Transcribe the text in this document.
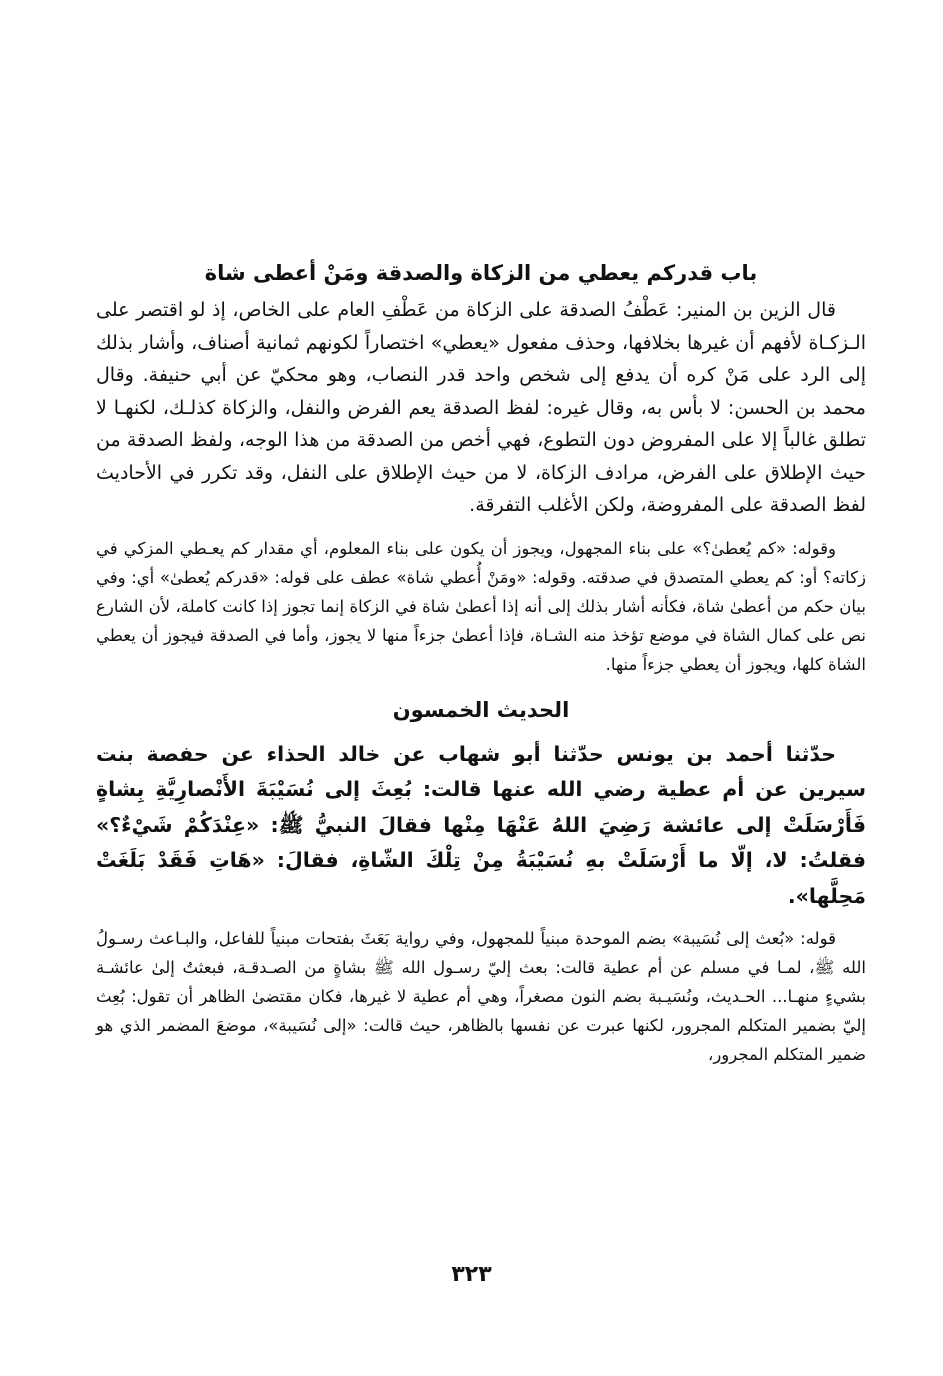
باب قدركم يعطي من الزكاة والصدقة ومَنْ أعطى شاة

قال الزين بن المنير: عَطْفُ الصدقة على الزكاة من عَطْفِ العام على الخاص، إذ لو اقتصر على الـزكـاة لأفهم أن غيرها بخلافها، وحذف مفعول «يعطي» اختصاراً لكونهم ثمانية أصناف، وأشار بذلك إلى الرد على مَنْ كره أن يدفع إلى شخص واحد قدر النصاب، وهو محكيّ عن أبي حنيفة. وقال محمد بن الحسن: لا بأس به، وقال غيره: لفظ الصدقة يعم الفرض والنفل، والزكاة كذلـك، لكنهـا لا تطلق غالباً إلا على المفروض دون التطوع، فهي أخص من الصدقة من هذا الوجه، ولفظ الصدقة من حيث الإطلاق على الفرض، مرادف الزكاة، لا من حيث الإطلاق على النفل، وقد تكرر في الأحاديث لفظ الصدقة على المفروضة، ولكن الأغلب التفرقة.

وقوله: «كم يُعطىٰ؟» على بناء المجهول، ويجوز أن يكون على بناء المعلوم، أي مقدار كم يعـطي المزكي في زكاته؟ أو: كم يعطي المتصدق في صدقته. وقوله: «ومَنْ أُعطي شاة» عطف على قوله: «قدركم يُعطىٰ» أي: وفي بيان حكم من أعطىٰ شاة، فكأنه أشار بذلك إلى أنه إذا أعطىٰ شاة في الزكاة إنما تجوز إذا كانت كاملة، لأن الشارع نص على كمال الشاة في موضع تؤخذ منه الشـاة، فإذا أعطىٰ جزءاً منها لا يجوز، وأما في الصدقة فيجوز أن يعطي الشاة كلها، ويجوز أن يعطي جزءاً منها.

الحديث الخمسون

حدّثنا أحمد بن يونس حدّثنا أبو شهاب عن خالد الحذاء عن حفصة بنت سيرين عن أم عطية رضي الله عنها قالت: بُعِثَ إلى نُسَيْبَةَ الأَنْصارِيَّةِ بِشاةٍ فَأَرْسَلَتْ إلى عائشة رَضِيَ اللهُ عَنْهَا مِنْها فقالَ النبيُّ ﷺ: «عِنْدَكُمْ شَيْءٌ؟» فقلتُ: لا، إلّا ما أَرْسَلَتْ بهِ نُسَيْبَةُ مِنْ تِلْكَ الشّاةِ، فقالَ: «هَاتِ فَقَدْ بَلَغَتْ مَحِلَّها».

قوله: «بُعث إلى نُسَيبة» بضم الموحدة مبنياً للمجهول، وفي رواية بَعَثَ بفتحات مبنياً للفاعل، والبـاعث رسـولُ الله ﷺ، لمـا في مسلم عن أم عطية قالت: بعث إليّ رسـول الله ﷺ بشاةٍ من الصـدقـة، فبعثتُ إلىٰ عائشـة بشيءٍ منهـا... الحـديث، ونُسَيـبة بضم النون مصغراً، وهي أم عطية لا غيرها، فكان مقتضىٰ الظاهر أن تقول: بُعِث إليّ بضمير المتكلم المجرور، لكنها عبرت عن نفسها بالظاهر، حيث قالت: «إلى نُسَيبة»، موضعَ المضمر الذي هو ضمير المتكلم المجرور،

٣٢٣
